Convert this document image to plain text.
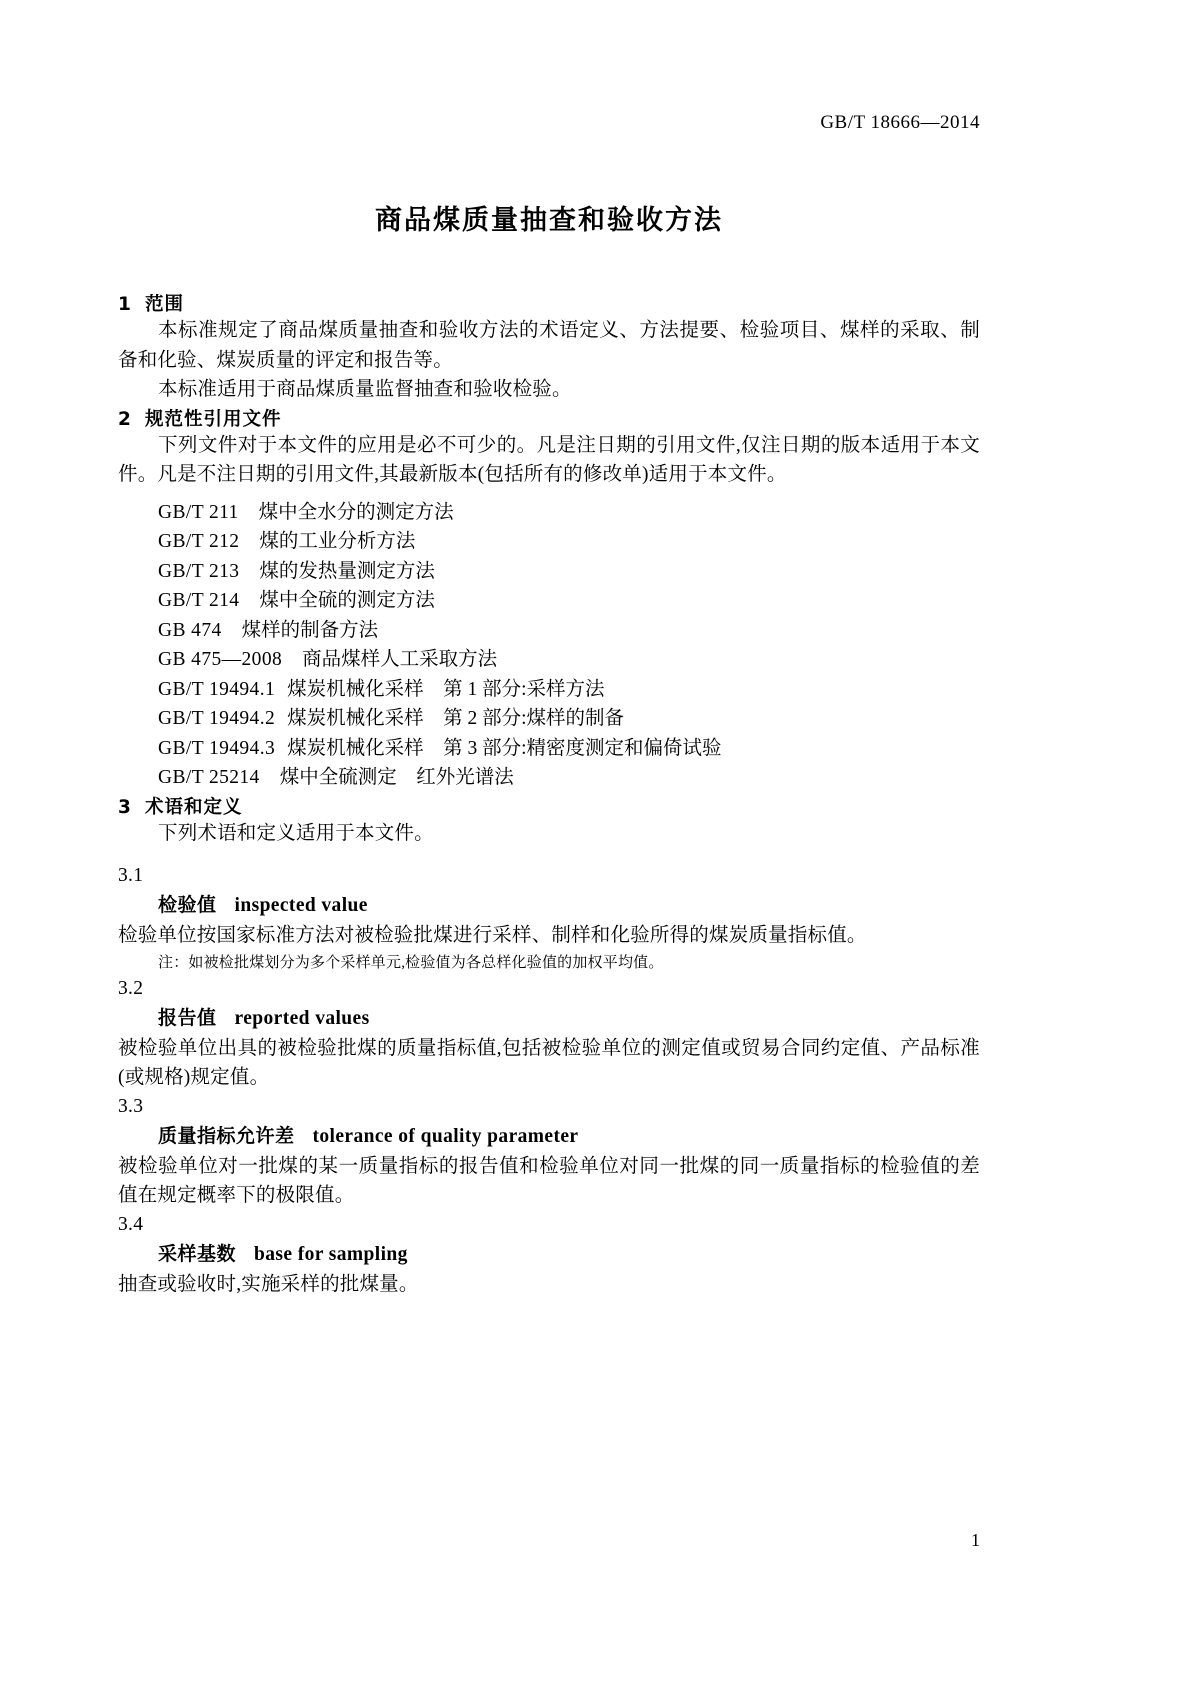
GB/T 18666—2014
商品煤质量抽查和验收方法
1 范围

本标准规定了商品煤质量抽查和验收方法的术语定义、方法提要、检验项目、煤样的采取、制备和化验、煤炭质量的评定和报告等。

本标准适用于商品煤质量监督抽查和验收检验。

2 规范性引用文件

下列文件对于本文件的应用是必不可少的。凡是注日期的引用文件,仅注日期的版本适用于本文件。凡是不注日期的引用文件,其最新版本(包括所有的修改单)适用于本文件。

GB/T 211 煤中全水分的测定方法
GB/T 212 煤的工业分析方法
GB/T 213 煤的发热量测定方法
GB/T 214 煤中全硫的测定方法
GB 474 煤样的制备方法
GB 475—2008 商品煤样人工采取方法
GB/T 19494.1 煤炭机械化采样　第 1 部分:采样方法
GB/T 19494.2 煤炭机械化采样　第 2 部分:煤样的制备
GB/T 19494.3 煤炭机械化采样　第 3 部分:精密度测定和偏倚试验
GB/T 25214 煤中全硫测定　红外光谱法
3 术语和定义

下列术语和定义适用于本文件。

3.1
检验值 inspected value

检验单位按国家标准方法对被检验批煤进行采样、制样和化验所得的煤炭质量指标值。

注：如被检批煤划分为多个采样单元,检验值为各总样化验值的加权平均值。
3.2
报告值 reported values

被检验单位出具的被检验批煤的质量指标值,包括被检验单位的测定值或贸易合同约定值、产品标准(或规格)规定值。

3.3
质量指标允许差 tolerance of quality parameter

被检验单位对一批煤的某一质量指标的报告值和检验单位对同一批煤的同一质量指标的检验值的差值在规定概率下的极限值。

3.4
采样基数 base for sampling

抽查或验收时,实施采样的批煤量。

1
